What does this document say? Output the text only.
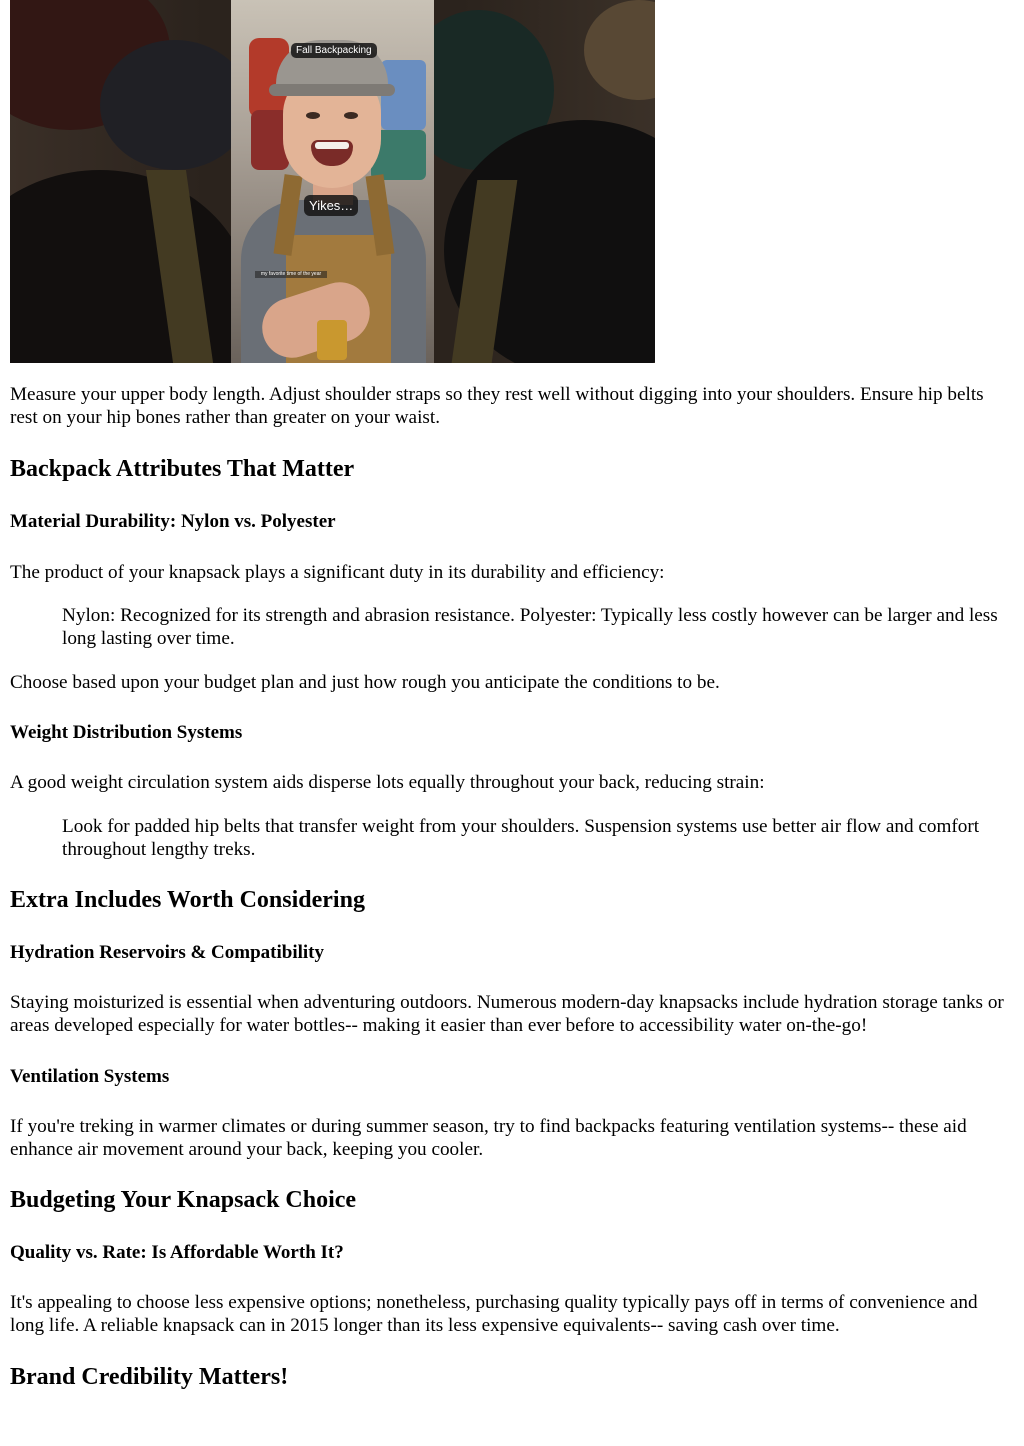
Fall Backpacking
Yikes…
my favorite time of the year

Measure your upper body length. Adjust shoulder straps so they rest well without digging into your shoulders. Ensure hip belts rest on your hip bones rather than greater on your waist.

Backpack Attributes That Matter
Material Durability: Nylon vs. Polyester

The product of your knapsack plays a significant duty in its durability and efficiency:

Nylon: Recognized for its strength and abrasion resistance. Polyester: Typically less costly however can be larger and less long lasting over time.

Choose based upon your budget plan and just how rough you anticipate the conditions to be.

Weight Distribution Systems

A good weight circulation system aids disperse lots equally throughout your back, reducing strain:

Look for padded hip belts that transfer weight from your shoulders. Suspension systems use better air flow and comfort throughout lengthy treks.
Extra Includes Worth Considering
Hydration Reservoirs & Compatibility

Staying moisturized is essential when adventuring outdoors. Numerous modern-day knapsacks include hydration storage tanks or areas developed especially for water bottles-- making it easier than ever before to accessibility water on-the-go!

Ventilation Systems

If you're treking in warmer climates or during summer season, try to find backpacks featuring ventilation systems-- these aid enhance air movement around your back, keeping you cooler.

Budgeting Your Knapsack Choice
Quality vs. Rate: Is Affordable Worth It?

It's appealing to choose less expensive options; nonetheless, purchasing quality typically pays off in terms of convenience and long life. A reliable knapsack can in 2015 longer than its less expensive equivalents-- saving cash over time.

Brand Credibility Matters!
